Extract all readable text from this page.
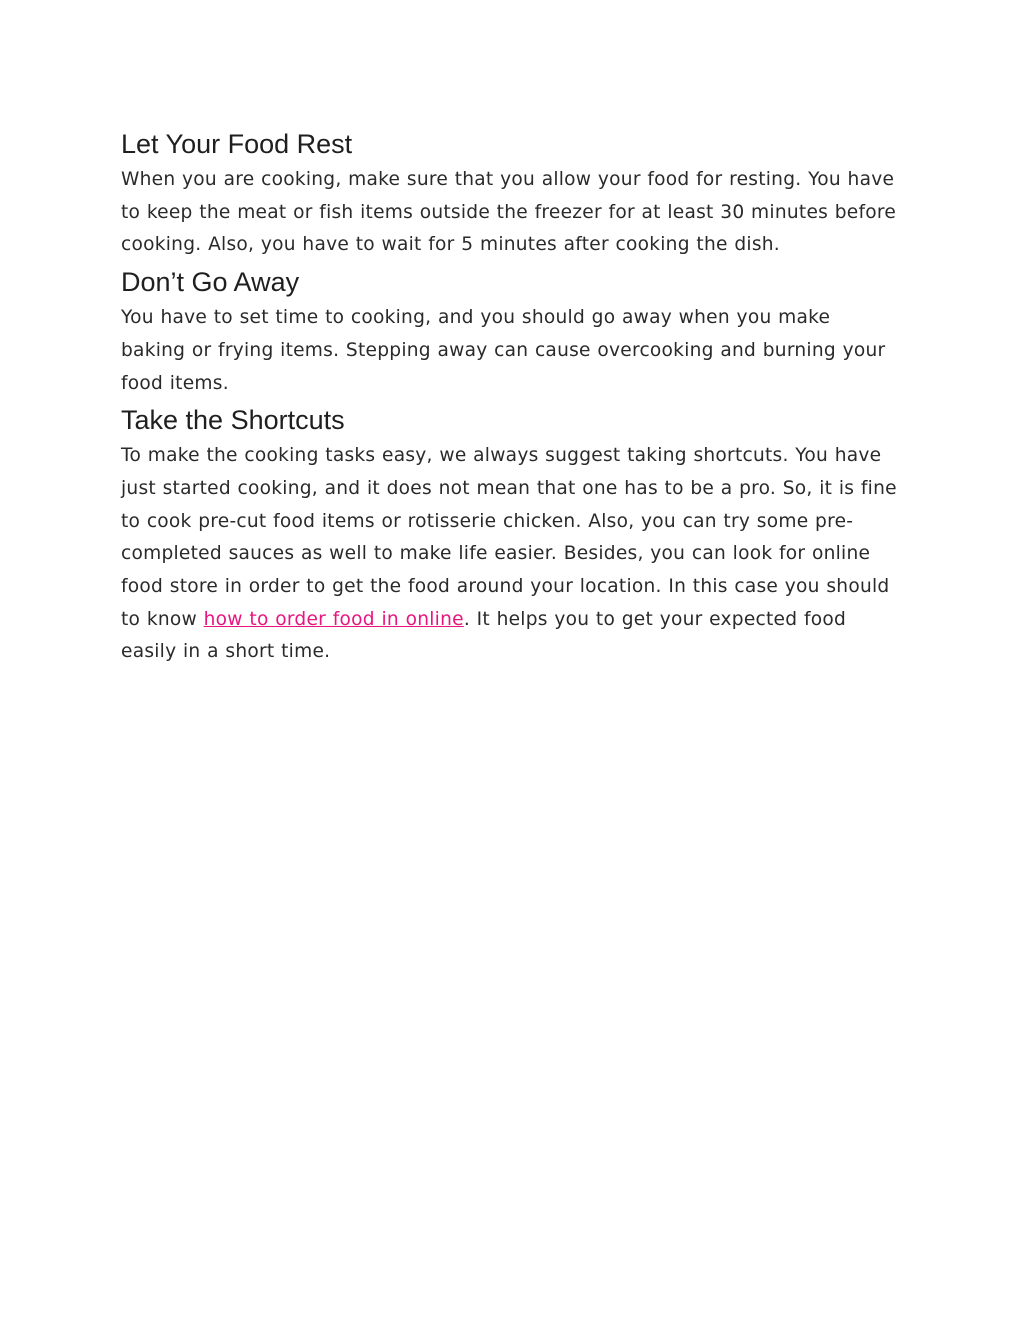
Let Your Food Rest

When you are cooking, make sure that you allow your food for resting. You have to keep the meat or fish items outside the freezer for at least 30 minutes before cooking. Also, you have to wait for 5 minutes after cooking the dish.

Don’t Go Away

You have to set time to cooking, and you should go away when you make baking or frying items. Stepping away can cause overcooking and burning your food items.

Take the Shortcuts

To make the cooking tasks easy, we always suggest taking shortcuts. You have just started cooking, and it does not mean that one has to be a pro. So, it is fine to cook pre-cut food items or rotisserie chicken. Also, you can try some pre- completed sauces as well to make life easier. Besides, you can look for online food store in order to get the food around your location. In this case you should to know how to order food in online. It helps you to get your expected food easily in a short time.
